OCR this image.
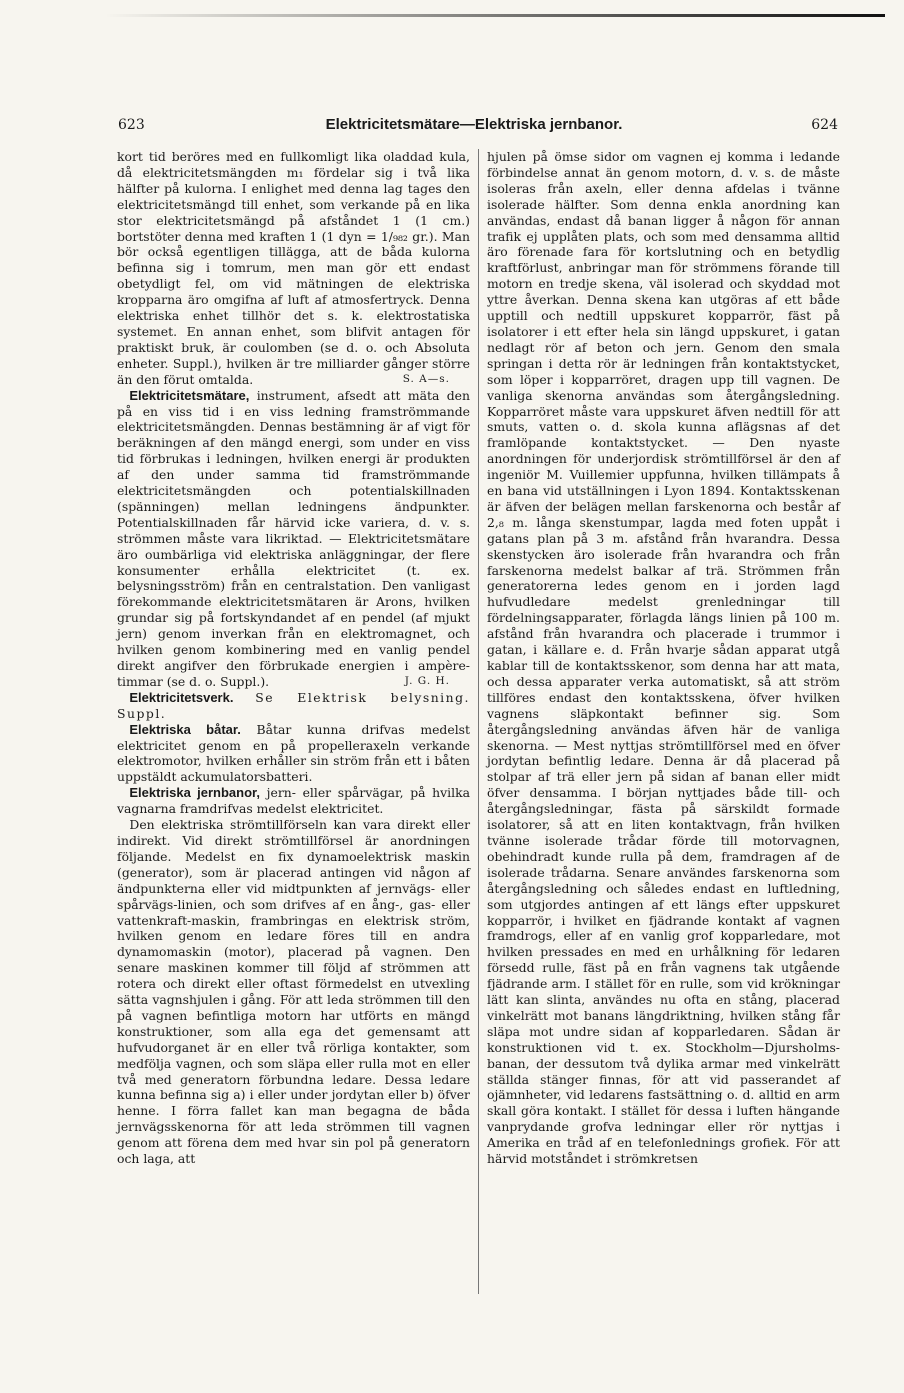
623	Elektricitetsmätare—Elektriska jernbanor.	624

kort tid beröres med en fullkomligt lika oladdad kula, då elektricitetsmängden m₁ fördelar sig i två lika hälfter på kulorna. I enlighet med denna lag tages den elektricitetsmängd till enhet, som verkande på en lika stor elektricitetsmängd på afståndet 1 (1 cm.) bortstöter denna med kraften 1 (1 dyn = 1/₉₈₂ gr.). Man bör också egentligen tillägga, att de båda kulorna befinna sig i tomrum, men man gör ett endast obetydligt fel, om vid mätningen de elektriska kropparna äro omgifna af luft af atmosfertryck. Denna elektriska enhet tillhör det s. k. elektrostatiska systemet. En annan enhet, som blifvit antagen för praktiskt bruk, är coulomben (se d. o. och Absoluta enheter. Suppl.), hvilken är tre milliarder gånger större än den förut omtalda.	S. A—s.

Elektricitetsmätare, instrument, afsedt att mäta den på en viss tid i en viss ledning framströmmande elektricitetsmängden. Dennas bestämning är af vigt för beräkningen af den mängd energi, som under en viss tid förbrukas i ledningen, hvilken energi är produkten af den under samma tid framströmmande elektricitetsmängden och potentialskillnaden (spänningen) mellan ledningens ändpunkter. Potentialskillnaden får härvid icke variera, d. v. s. strömmen måste vara likriktad. — Elektricitetsmätare äro oumbärliga vid elektriska anläggningar, der flere konsumenter erhålla elektricitet (t. ex. belysningsström) från en centralstation. Den vanligast förekommande elektricitetsmätaren är Arons, hvilken grundar sig på fortskyndandet af en pendel (af mjukt jern) genom inverkan från en elektromagnet, och hvilken genom kombinering med en vanlig pendel direkt angifver den förbrukade energien i ampère-timmar (se d. o. Suppl.).	J. G. H.

Elektricitetsverk. Se Elektrisk belysning. Suppl.

Elektriska båtar. Båtar kunna drifvas medelst elektricitet genom en på propelleraxeln verkande elektromotor, hvilken erhåller sin ström från ett i båten uppstäldt ackumulatorsbatteri.

Elektriska jernbanor, jern- eller spårvägar, på hvilka vagnarna framdrifvas medelst elektricitet.

Den elektriska strömtillförseln kan vara direkt eller indirekt. Vid direkt strömtillförsel är anordningen följande. Medelst en fix dynamoelektrisk maskin (generator), som är placerad antingen vid någon af ändpunkterna eller vid midtpunkten af jernvägs- eller spårvägs-linien, och som drifves af en ång-, gas- eller vattenkraft-maskin, frambringas en elektrisk ström, hvilken genom en ledare föres till en andra dynamomaskin (motor), placerad på vagnen. Den senare maskinen kommer till följd af strömmen att rotera och direkt eller oftast förmedelst en utvexling sätta vagnshjulen i gång. För att leda strömmen till den på vagnen befintliga motorn har utförts en mängd konstruktioner, som alla ega det gemensamt att hufvudorganet är en eller två rörliga kontakter, som medfölja vagnen, och som släpa eller rulla mot en eller två med generatorn förbundna ledare. Dessa ledare kunna befinna sig a) i eller under jordytan eller b) öfver henne. I förra fallet kan man begagna de båda jernvägsskenorna för att leda strömmen till vagnen genom att förena dem med hvar sin pol på generatorn och laga, att

hjulen på ömse sidor om vagnen ej komma i ledande förbindelse annat än genom motorn, d. v. s. de måste isoleras från axeln, eller denna afdelas i tvänne isolerade hälfter. Som denna enkla anordning kan användas, endast då banan ligger å någon för annan trafik ej upplåten plats, och som med densamma alltid äro förenade fara för kortslutning och en betydlig kraftförlust, anbringar man för strömmens förande till motorn en tredje skena, väl isolerad och skyddad mot yttre åverkan. Denna skena kan utgöras af ett både upptill och nedtill uppskuret kopparrör, fäst på isolatorer i ett efter hela sin längd uppskuret, i gatan nedlagt rör af beton och jern. Genom den smala springan i detta rör är ledningen från kontaktstycket, som löper i kopparröret, dragen upp till vagnen. De vanliga skenorna användas som återgångsledning. Kopparröret måste vara uppskuret äfven nedtill för att smuts, vatten o. d. skola kunna aflägsnas af det framlöpande kontaktstycket. — Den nyaste anordningen för underjordisk strömtillförsel är den af ingeniör M. Vuillemier uppfunna, hvilken tillämpats å en bana vid utställningen i Lyon 1894. Kontaktsskenan är äfven der belägen mellan farskenorna och består af 2,₈ m. långa skenstumpar, lagda med foten uppåt i gatans plan på 3 m. afstånd från hvarandra. Dessa skenstycken äro isolerade från hvarandra och från farskenorna medelst balkar af trä. Strömmen från generatorerna ledes genom en i jorden lagd hufvudledare medelst grenledningar till fördelningsapparater, förlagda längs linien på 100 m. afstånd från hvarandra och placerade i trummor i gatan, i källare e. d. Från hvarje sådan apparat utgå kablar till de kontaktsskenor, som denna har att mata, och dessa apparater verka automatiskt, så att ström tillföres endast den kontaktsskena, öfver hvilken vagnens släpkontakt befinner sig. Som återgångsledning användas äfven här de vanliga skenorna. — Mest nyttjas strömtillförsel med en öfver jordytan befintlig ledare. Denna är då placerad på stolpar af trä eller jern på sidan af banan eller midt öfver densamma. I början nyttjades både till- och återgångsledningar, fästa på särskildt formade isolatorer, så att en liten kontaktvagn, från hvilken tvänne isolerade trådar förde till motorvagnen, obehindradt kunde rulla på dem, framdragen af de isolerade trådarna. Senare användes farskenorna som återgångsledning och således endast en luftledning, som utgjordes antingen af ett längs efter uppskuret kopparrör, i hvilket en fjädrande kontakt af vagnen framdrogs, eller af en vanlig grof kopparledare, mot hvilken pressades en med en urhålkning för ledaren försedd rulle, fäst på en från vagnens tak utgående fjädrande arm. I stället för en rulle, som vid krökningar lätt kan slinta, användes nu ofta en stång, placerad vinkelrätt mot banans längdriktning, hvilken stång får släpa mot undre sidan af kopparledaren. Sådan är konstruktionen vid t. ex. Stockholm—Djursholms-banan, der dessutom två dylika armar med vinkelrätt ställda stänger finnas, för att vid passerandet af ojämnheter, vid ledarens fastsättning o. d. alltid en arm skall göra kontakt. I stället för dessa i luften hängande vanprydande grofva ledningar eller rör nyttjas i Amerika en tråd af en telefonlednings grofiek. För att härvid motståndet i strömkretsen
